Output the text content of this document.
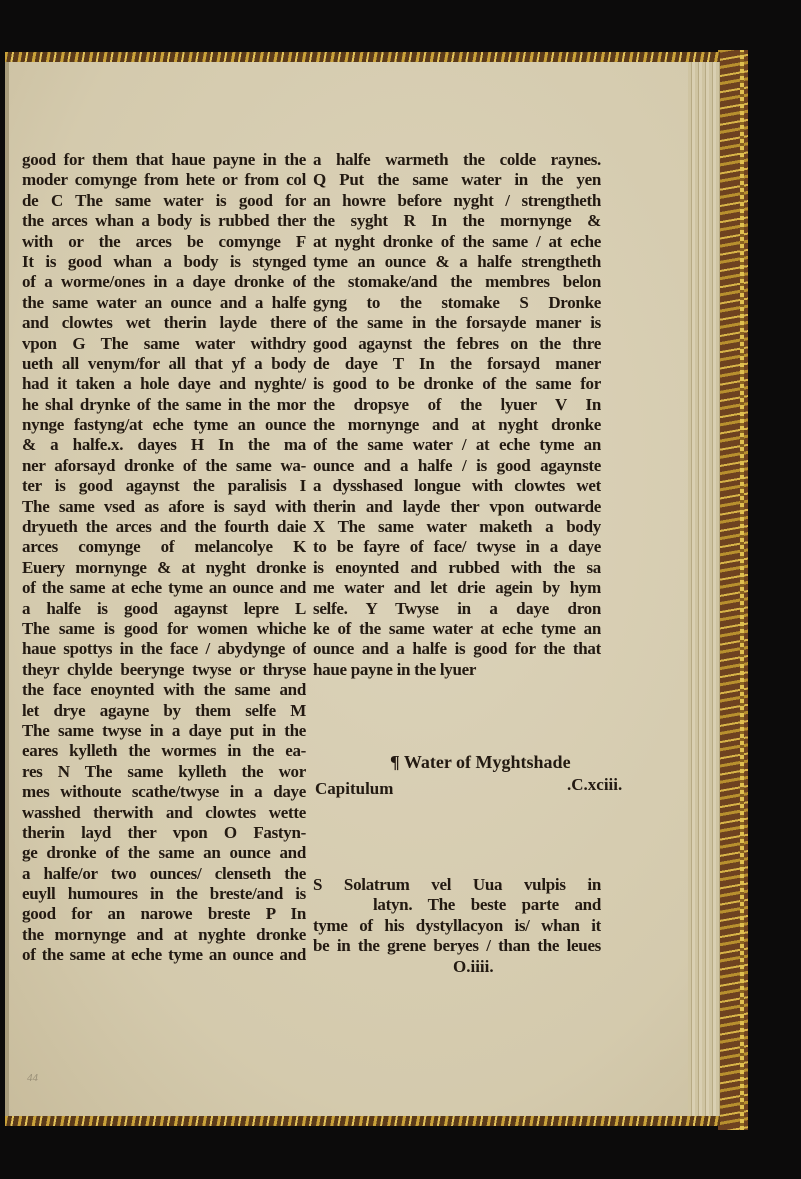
good for them that haue payne in the
moder comynge from hete or from col
de C The same water is good for
the arces whan a body is rubbed ther
with or the arces be comynge F
It is good whan a body is stynged
of a worme/ones in a daye dronke of
the same water an ounce and a halfe
and clowtes wet therin layde there
vpon G The same water withdry
ueth all venym/for all that yf a body
had it taken a hole daye and nyghte/
he shal drynke of the same in the mor
nynge fastyng/at eche tyme an ounce
& a halfe.x. dayes H In the ma
ner aforsayd dronke of the same wa-
ter is good agaynst the paralisis I
The same vsed as afore is sayd with
dryueth the arces and the fourth daie
arces comynge of melancolye K
Euery mornynge & at nyght dronke
of the same at eche tyme an ounce and
a halfe is good agaynst lepre L
The same is good for women whiche
haue spottys in the face / abydynge of
theyr chylde beerynge twyse or thryse
the face enoynted with the same and
let drye agayne by them selfe M
The same twyse in a daye put in the
eares kylleth the wormes in the ea-
res N The same kylleth the wor
mes withoute scathe/twyse in a daye
wasshed therwith and clowtes wette
therin layd ther vpon O Fastyn-
ge dronke of the same an ounce and
a halfe/or two ounces/ clenseth the
euyll humoures in the breste/and is
good for an narowe breste P In
the mornynge and at nyghte dronke
of the same at eche tyme an ounce and
a halfe warmeth the colde raynes.
Q Put the same water in the yen
an howre before nyght / strengtheth
the syght R In the mornynge &
at nyght dronke of the same / at eche
tyme an ounce & a halfe strengtheth
the stomake/and the membres belon
gyng to the stomake S Dronke
of the same in the forsayde maner is
good agaynst the febres on the thre
de daye T In the forsayd maner
is good to be dronke of the same for
the dropsye of the lyuer V In
the mornynge and at nyght dronke
of the same water / at eche tyme an
ounce and a halfe / is good agaynste
a dysshased longue with clowtes wet
therin and layde ther vpon outwarde
X The same water maketh a body
to be fayre of face/ twyse in a daye
is enoynted and rubbed with the sa
me water and let drie agein by hym
selfe. Y Twyse in a daye dron
ke of the same water at eche tyme an
ounce and a halfe is good for the that
haue payne in the lyuer
¶ Water of Myghtshade
Capitulum	.C.xciii.
S Solatrum vel Uua vulpis in
latyn. The beste parte and
tyme of his dystyllacyon is/ whan it
be in the grene beryes / than the leues
O.iiii.
44
